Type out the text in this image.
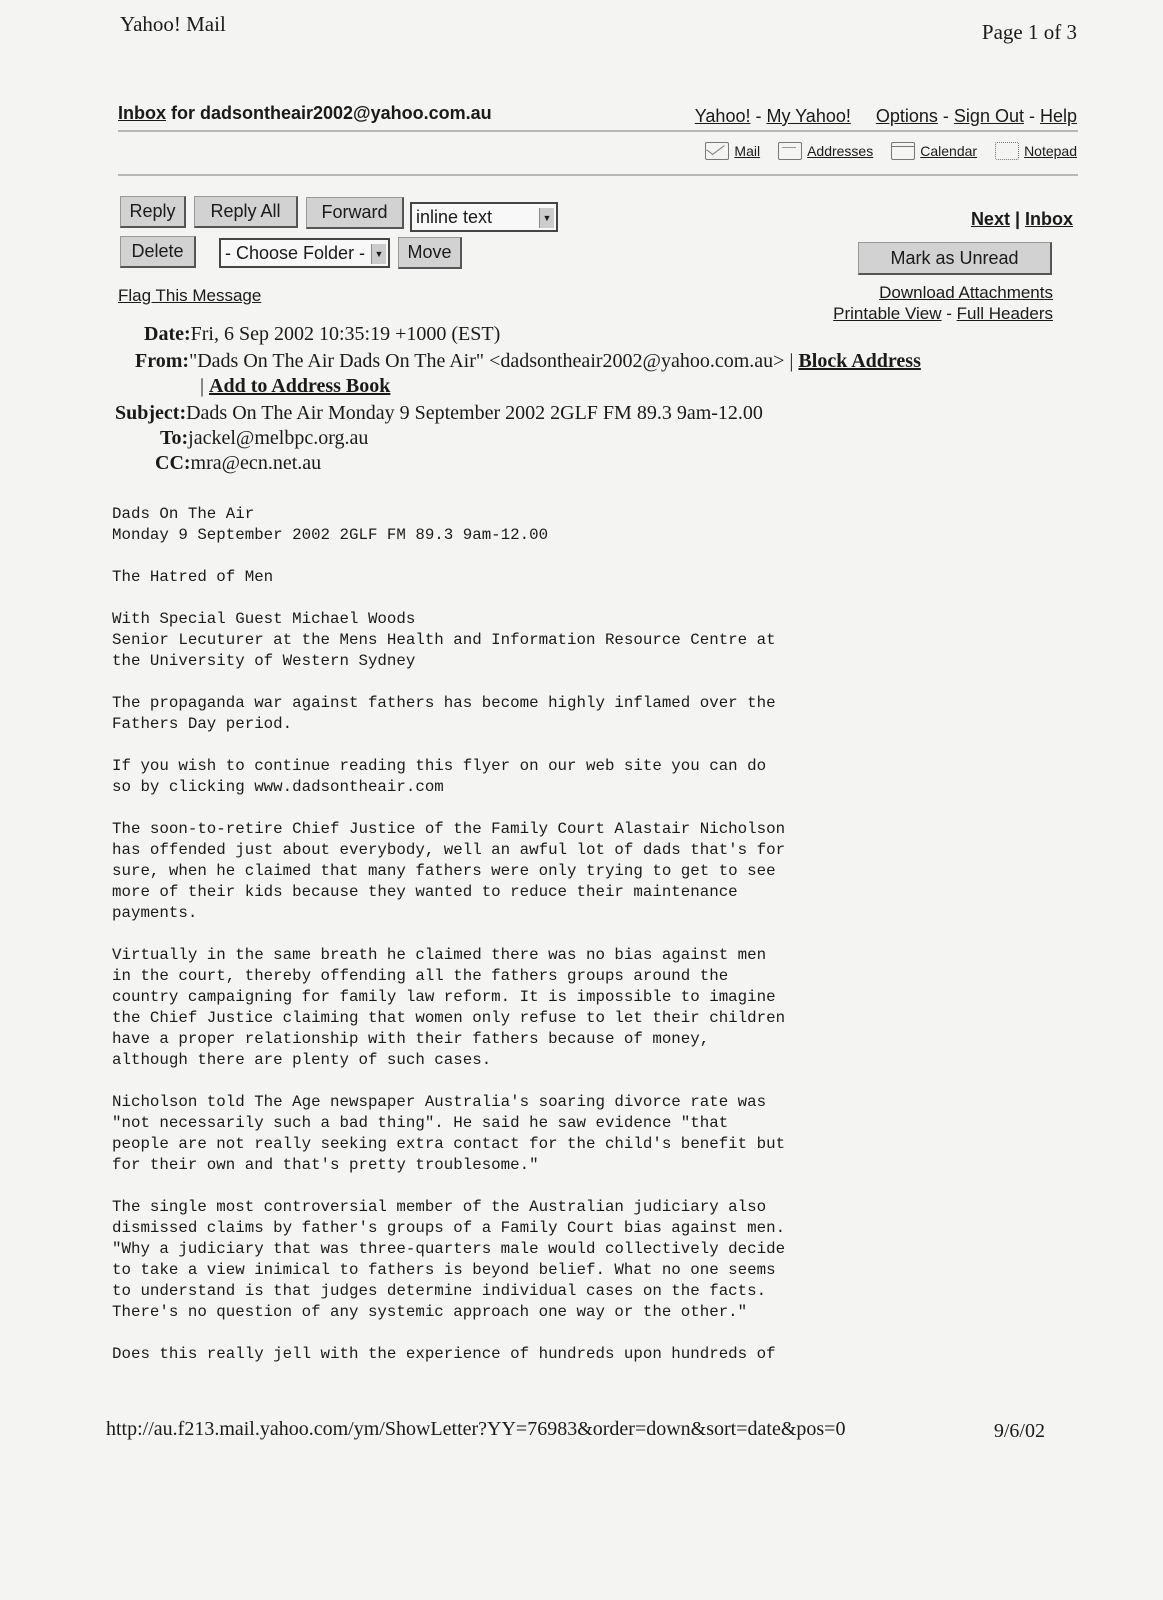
Yahoo! Mail	Page 1 of 3
Inbox for dadsontheair2002@yahoo.com.au	Yahoo! - My Yahoo! Options - Sign Out - Help
Mail	Addresses	Calendar	Notepad
Reply	Reply All	Forward	inline text	▼
Delete	- Choose Folder -	▼	Move
Next | Inbox
Mark as Unread
Flag This Message	Download Attachments
Printable View - Full Headers
Date:Fri, 6 Sep 2002 10:35:19 +1000 (EST)
From:"Dads On The Air Dads On The Air" <dadsontheair2002@yahoo.com.au> | Block Address
| Add to Address Book
Subject:Dads On The Air Monday 9 September 2002 2GLF FM 89.3 9am-12.00
To:jackel@melbpc.org.au
CC:mra@ecn.net.au
Dads On The Air
Monday 9 September 2002 2GLF FM 89.3 9am-12.00

The Hatred of Men

With Special Guest Michael Woods
Senior Lecuturer at the Mens Health and Information Resource Centre at
the University of Western Sydney

The propaganda war against fathers has become highly inflamed over the
Fathers Day period.

If you wish to continue reading this flyer on our web site you can do
so by clicking www.dadsontheair.com

The soon-to-retire Chief Justice of the Family Court Alastair Nicholson
has offended just about everybody, well an awful lot of dads that's for
sure, when he claimed that many fathers were only trying to get to see
more of their kids because they wanted to reduce their maintenance
payments.

Virtually in the same breath he claimed there was no bias against men
in the court, thereby offending all the fathers groups around the
country campaigning for family law reform. It is impossible to imagine
the Chief Justice claiming that women only refuse to let their children
have a proper relationship with their fathers because of money,
although there are plenty of such cases.

Nicholson told The Age newspaper Australia's soaring divorce rate was
"not necessarily such a bad thing". He said he saw evidence "that
people are not really seeking extra contact for the child's benefit but
for their own and that's pretty troublesome."

The single most controversial member of the Australian judiciary also
dismissed claims by father's groups of a Family Court bias against men.
"Why a judiciary that was three-quarters male would collectively decide
to take a view inimical to fathers is beyond belief. What no one seems
to understand is that judges determine individual cases on the facts.
There's no question of any systemic approach one way or the other."

Does this really jell with the experience of hundreds upon hundreds of
http://au.f213.mail.yahoo.com/ym/ShowLetter?YY=76983&order=down&sort=date&pos=0	9/6/02
